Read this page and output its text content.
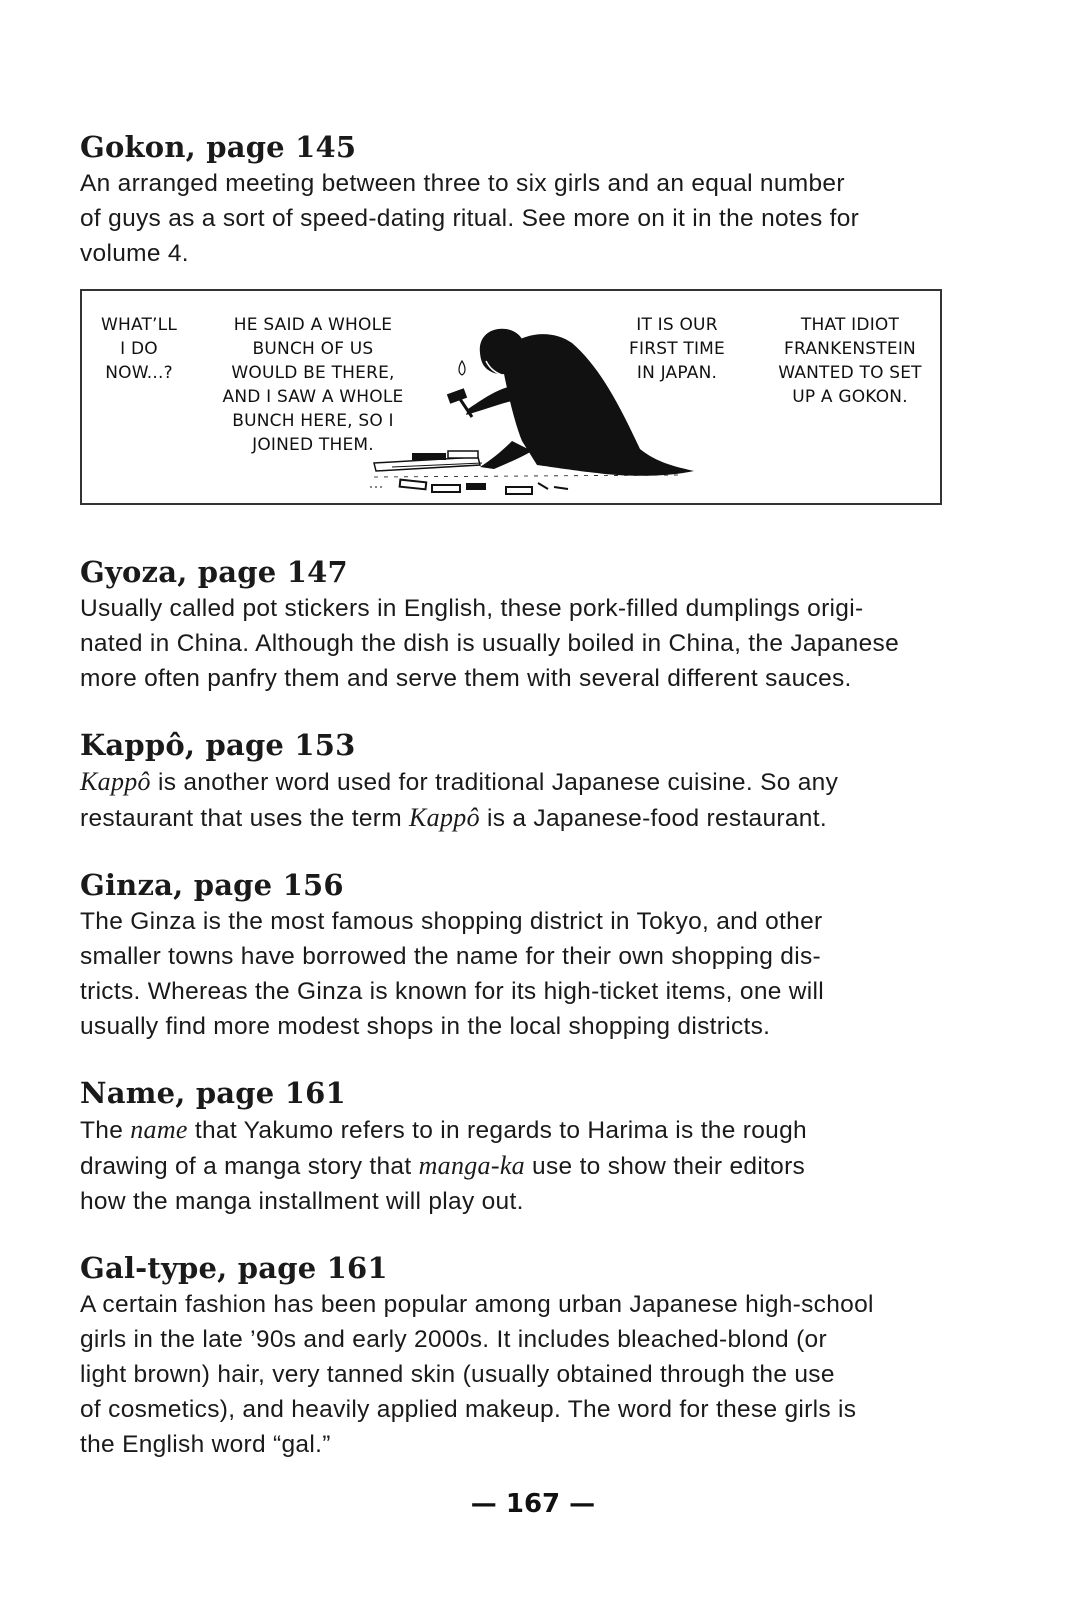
Gokon, page 145

An arranged meeting between three to six girls and an equal number
of guys as a sort of speed-dating ritual. See more on it in the notes for
volume 4.

WHAT’LL
I DO
NOW...?
HE SAID A WHOLE
BUNCH OF US
WOULD BE THERE,
AND I SAW A WHOLE
BUNCH HERE, SO I
JOINED THEM.
IT IS OUR
FIRST TIME
IN JAPAN.
THAT IDIOT
FRANKENSTEIN
WANTED TO SET
UP A GOKON.
Gyoza, page 147

Usually called pot stickers in English, these pork-filled dumplings origi-
nated in China. Although the dish is usually boiled in China, the Japanese
more often panfry them and serve them with several different sauces.

Kappô, page 153

Kappô is another word used for traditional Japanese cuisine. So any
restaurant that uses the term Kappô is a Japanese-food restaurant.

Ginza, page 156

The Ginza is the most famous shopping district in Tokyo, and other
smaller towns have borrowed the name for their own shopping dis-
tricts. Whereas the Ginza is known for its high-ticket items, one will
usually find more modest shops in the local shopping districts.

Name, page 161

The name that Yakumo refers to in regards to Harima is the rough
drawing of a manga story that manga-ka use to show their editors
how the manga installment will play out.

Gal-type, page 161

A certain fashion has been popular among urban Japanese high-school
girls in the late ’90s and early 2000s. It includes bleached-blond (or
light brown) hair, very tanned skin (usually obtained through the use
of cosmetics), and heavily applied makeup. The word for these girls is
the English word “gal.”

— 167 —
